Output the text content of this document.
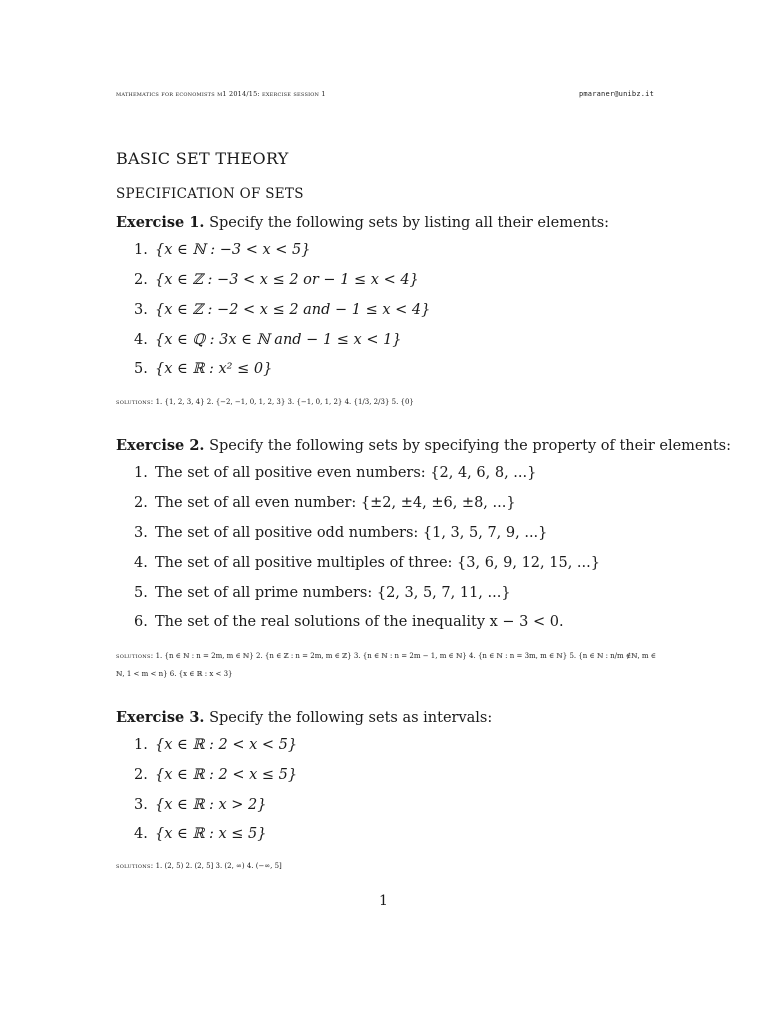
mathematics for economists m1 2014/15: exercise session 1	pmaraner@unibz.it
BASIC SET THEORY
SPECIFICATION OF SETS
Exercise 1. Specify the following sets by listing all their elements:
1. {x ∈ ℕ : −3 < x < 5}
2. {x ∈ ℤ : −3 < x ≤ 2 or − 1 ≤ x < 4}
3. {x ∈ ℤ : −2 < x ≤ 2 and − 1 ≤ x < 4}
4. {x ∈ ℚ : 3x ∈ ℕ and − 1 ≤ x < 1}
5. {x ∈ ℝ : x² ≤ 0}
solutions: 1. {1, 2, 3, 4} 2. {−2, −1, 0, 1, 2, 3} 3. {−1, 0, 1, 2} 4. {1/3, 2/3} 5. {0}
Exercise 2. Specify the following sets by specifying the property of their elements:
1. The set of all positive even numbers: {2, 4, 6, 8, ...}
2. The set of all even number: {±2, ±4, ±6, ±8, ...}
3. The set of all positive odd numbers: {1, 3, 5, 7, 9, ...}
4. The set of all positive multiples of three: {3, 6, 9, 12, 15, ...}
5. The set of all prime numbers: {2, 3, 5, 7, 11, ...}
6. The set of the real solutions of the inequality x − 3 < 0.
solutions: 1. {n ∈ ℕ : n = 2m, m ∈ ℕ} 2. {n ∈ ℤ : n = 2m, m ∈ ℤ} 3. {n ∈ ℕ : n = 2m − 1, m ∈ ℕ} 4. {n ∈ ℕ : n = 3m, m ∈ ℕ} 5. {n ∈ ℕ : n/m ∉ℕ, m ∈ ℕ, 1 < m < n} 6. {x ∈ ℝ : x < 3}
Exercise 3. Specify the following sets as intervals:
1. {x ∈ ℝ : 2 < x < 5}
2. {x ∈ ℝ : 2 < x ≤ 5}
3. {x ∈ ℝ : x > 2}
4. {x ∈ ℝ : x ≤ 5}
solutions: 1. (2, 5) 2. (2, 5] 3. (2, ∞) 4. (−∞, 5]
1
